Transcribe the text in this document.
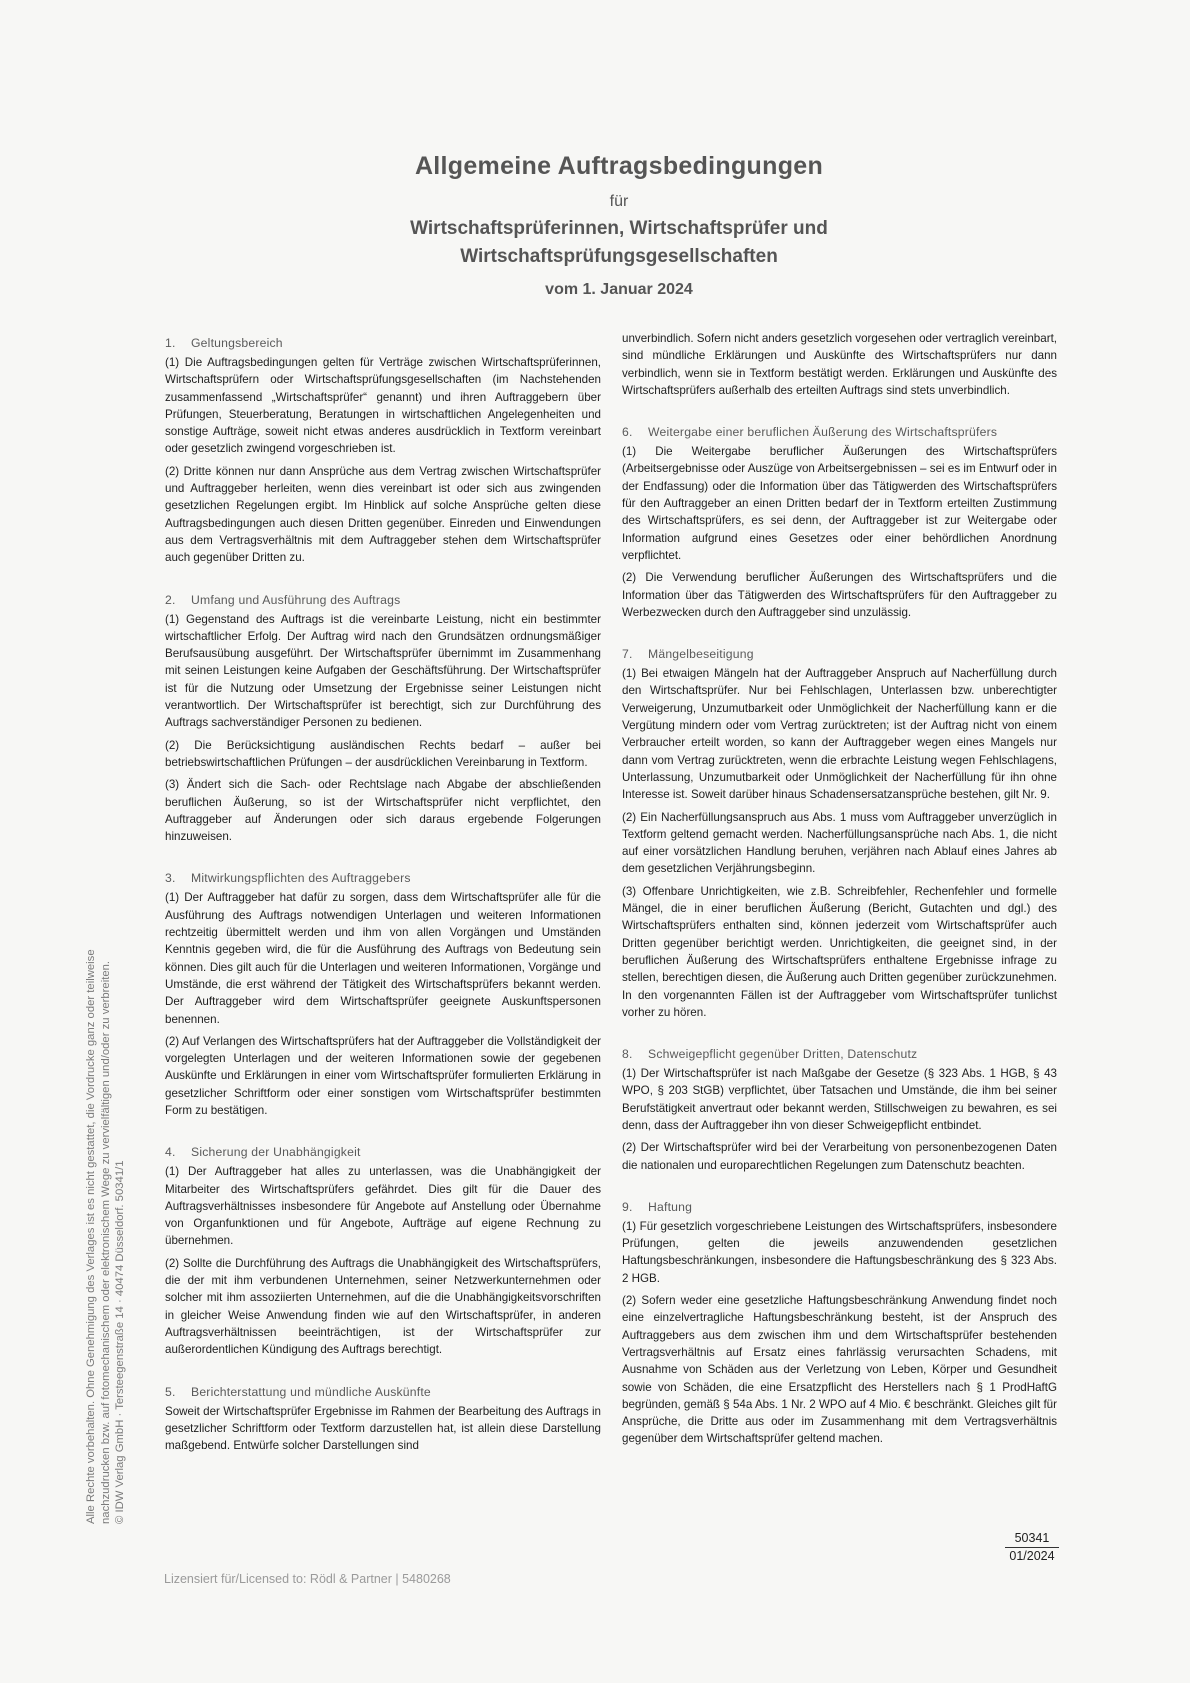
Allgemeine Auftragsbedingungen
für
Wirtschaftsprüferinnen, Wirtschaftsprüfer und
Wirtschaftsprüfungsgesellschaften
vom 1. Januar 2024
1. Geltungsbereich

(1) Die Auftragsbedingungen gelten für Verträge zwischen Wirtschaftsprüferinnen, Wirtschaftsprüfern oder Wirtschaftsprüfungsgesellschaften (im Nachstehenden zusammenfassend „Wirtschaftsprüfer“ genannt) und ihren Auftraggebern über Prüfungen, Steuerberatung, Beratungen in wirtschaftlichen Angelegenheiten und sonstige Aufträge, soweit nicht etwas anderes ausdrücklich in Textform vereinbart oder gesetzlich zwingend vorgeschrieben ist.

(2) Dritte können nur dann Ansprüche aus dem Vertrag zwischen Wirtschaftsprüfer und Auftraggeber herleiten, wenn dies vereinbart ist oder sich aus zwingenden gesetzlichen Regelungen ergibt. Im Hinblick auf solche Ansprüche gelten diese Auftragsbedingungen auch diesen Dritten gegenüber. Einreden und Einwendungen aus dem Vertragsverhältnis mit dem Auftraggeber stehen dem Wirtschaftsprüfer auch gegenüber Dritten zu.

2. Umfang und Ausführung des Auftrags

(1) Gegenstand des Auftrags ist die vereinbarte Leistung, nicht ein bestimmter wirtschaftlicher Erfolg. Der Auftrag wird nach den Grundsätzen ordnungsmäßiger Berufsausübung ausgeführt. Der Wirtschaftsprüfer übernimmt im Zusammenhang mit seinen Leistungen keine Aufgaben der Geschäftsführung. Der Wirtschaftsprüfer ist für die Nutzung oder Umsetzung der Ergebnisse seiner Leistungen nicht verantwortlich. Der Wirtschaftsprüfer ist berechtigt, sich zur Durchführung des Auftrags sachverständiger Personen zu bedienen.

(2) Die Berücksichtigung ausländischen Rechts bedarf – außer bei betriebswirtschaftlichen Prüfungen – der ausdrücklichen Vereinbarung in Textform.

(3) Ändert sich die Sach- oder Rechtslage nach Abgabe der abschließenden beruflichen Äußerung, so ist der Wirtschaftsprüfer nicht verpflichtet, den Auftraggeber auf Änderungen oder sich daraus ergebende Folgerungen hinzuweisen.

3. Mitwirkungspflichten des Auftraggebers

(1) Der Auftraggeber hat dafür zu sorgen, dass dem Wirtschaftsprüfer alle für die Ausführung des Auftrags notwendigen Unterlagen und weiteren Informationen rechtzeitig übermittelt werden und ihm von allen Vorgängen und Umständen Kenntnis gegeben wird, die für die Ausführung des Auftrags von Bedeutung sein können. Dies gilt auch für die Unterlagen und weiteren Informationen, Vorgänge und Umstände, die erst während der Tätigkeit des Wirtschaftsprüfers bekannt werden. Der Auftraggeber wird dem Wirtschaftsprüfer geeignete Auskunftspersonen benennen.

(2) Auf Verlangen des Wirtschaftsprüfers hat der Auftraggeber die Vollständigkeit der vorgelegten Unterlagen und der weiteren Informationen sowie der gegebenen Auskünfte und Erklärungen in einer vom Wirtschaftsprüfer formulierten Erklärung in gesetzlicher Schriftform oder einer sonstigen vom Wirtschaftsprüfer bestimmten Form zu bestätigen.

4. Sicherung der Unabhängigkeit

(1) Der Auftraggeber hat alles zu unterlassen, was die Unabhängigkeit der Mitarbeiter des Wirtschaftsprüfers gefährdet. Dies gilt für die Dauer des Auftragsverhältnisses insbesondere für Angebote auf Anstellung oder Übernahme von Organfunktionen und für Angebote, Aufträge auf eigene Rechnung zu übernehmen.

(2) Sollte die Durchführung des Auftrags die Unabhängigkeit des Wirtschaftsprüfers, die der mit ihm verbundenen Unternehmen, seiner Netzwerkunternehmen oder solcher mit ihm assoziierten Unternehmen, auf die die Unabhängigkeitsvorschriften in gleicher Weise Anwendung finden wie auf den Wirtschaftsprüfer, in anderen Auftragsverhältnissen beeinträchtigen, ist der Wirtschaftsprüfer zur außerordentlichen Kündigung des Auftrags berechtigt.

5. Berichterstattung und mündliche Auskünfte

Soweit der Wirtschaftsprüfer Ergebnisse im Rahmen der Bearbeitung des Auftrags in gesetzlicher Schriftform oder Textform darzustellen hat, ist allein diese Darstellung maßgebend. Entwürfe solcher Darstellungen sind

unverbindlich. Sofern nicht anders gesetzlich vorgesehen oder vertraglich vereinbart, sind mündliche Erklärungen und Auskünfte des Wirtschaftsprüfers nur dann verbindlich, wenn sie in Textform bestätigt werden. Erklärungen und Auskünfte des Wirtschaftsprüfers außerhalb des erteilten Auftrags sind stets unverbindlich.

6. Weitergabe einer beruflichen Äußerung des Wirtschaftsprüfers

(1) Die Weitergabe beruflicher Äußerungen des Wirtschaftsprüfers (Arbeitsergebnisse oder Auszüge von Arbeitsergebnissen – sei es im Entwurf oder in der Endfassung) oder die Information über das Tätigwerden des Wirtschaftsprüfers für den Auftraggeber an einen Dritten bedarf der in Textform erteilten Zustimmung des Wirtschaftsprüfers, es sei denn, der Auftraggeber ist zur Weitergabe oder Information aufgrund eines Gesetzes oder einer behördlichen Anordnung verpflichtet.

(2) Die Verwendung beruflicher Äußerungen des Wirtschaftsprüfers und die Information über das Tätigwerden des Wirtschaftsprüfers für den Auftraggeber zu Werbezwecken durch den Auftraggeber sind unzulässig.

7. Mängelbeseitigung

(1) Bei etwaigen Mängeln hat der Auftraggeber Anspruch auf Nacherfüllung durch den Wirtschaftsprüfer. Nur bei Fehlschlagen, Unterlassen bzw. unberechtigter Verweigerung, Unzumutbarkeit oder Unmöglichkeit der Nacherfüllung kann er die Vergütung mindern oder vom Vertrag zurücktreten; ist der Auftrag nicht von einem Verbraucher erteilt worden, so kann der Auftraggeber wegen eines Mangels nur dann vom Vertrag zurücktreten, wenn die erbrachte Leistung wegen Fehlschlagens, Unterlassung, Unzumutbarkeit oder Unmöglichkeit der Nacherfüllung für ihn ohne Interesse ist. Soweit darüber hinaus Schadensersatzansprüche bestehen, gilt Nr. 9.

(2) Ein Nacherfüllungsanspruch aus Abs. 1 muss vom Auftraggeber unverzüglich in Textform geltend gemacht werden. Nacherfüllungsansprüche nach Abs. 1, die nicht auf einer vorsätzlichen Handlung beruhen, verjähren nach Ablauf eines Jahres ab dem gesetzlichen Verjährungsbeginn.

(3) Offenbare Unrichtigkeiten, wie z.B. Schreibfehler, Rechenfehler und formelle Mängel, die in einer beruflichen Äußerung (Bericht, Gutachten und dgl.) des Wirtschaftsprüfers enthalten sind, können jederzeit vom Wirtschaftsprüfer auch Dritten gegenüber berichtigt werden. Unrichtigkeiten, die geeignet sind, in der beruflichen Äußerung des Wirtschaftsprüfers enthaltene Ergebnisse infrage zu stellen, berechtigen diesen, die Äußerung auch Dritten gegenüber zurückzunehmen. In den vorgenannten Fällen ist der Auftraggeber vom Wirtschaftsprüfer tunlichst vorher zu hören.

8. Schweigepflicht gegenüber Dritten, Datenschutz

(1) Der Wirtschaftsprüfer ist nach Maßgabe der Gesetze (§ 323 Abs. 1 HGB, § 43 WPO, § 203 StGB) verpflichtet, über Tatsachen und Umstände, die ihm bei seiner Berufstätigkeit anvertraut oder bekannt werden, Stillschweigen zu bewahren, es sei denn, dass der Auftraggeber ihn von dieser Schweigepflicht entbindet.

(2) Der Wirtschaftsprüfer wird bei der Verarbeitung von personenbezogenen Daten die nationalen und europarechtlichen Regelungen zum Datenschutz beachten.

9. Haftung

(1) Für gesetzlich vorgeschriebene Leistungen des Wirtschaftsprüfers, insbesondere Prüfungen, gelten die jeweils anzuwendenden gesetzlichen Haftungsbeschränkungen, insbesondere die Haftungsbeschränkung des § 323 Abs. 2 HGB.

(2) Sofern weder eine gesetzliche Haftungsbeschränkung Anwendung findet noch eine einzelvertragliche Haftungsbeschränkung besteht, ist der Anspruch des Auftraggebers aus dem zwischen ihm und dem Wirtschaftsprüfer bestehenden Vertragsverhältnis auf Ersatz eines fahrlässig verursachten Schadens, mit Ausnahme von Schäden aus der Verletzung von Leben, Körper und Gesundheit sowie von Schäden, die eine Ersatzpflicht des Herstellers nach § 1 ProdHaftG begründen, gemäß § 54a Abs. 1 Nr. 2 WPO auf 4 Mio. € beschränkt. Gleiches gilt für Ansprüche, die Dritte aus oder im Zusammenhang mit dem Vertragsverhältnis gegenüber dem Wirtschaftsprüfer geltend machen.

Alle Rechte vorbehalten. Ohne Genehmigung des Verlages ist es nicht gestattet, die Vordrucke ganz oder teilweise nachzudrucken bzw. auf fotomechanischem oder elektronischem Wege zu vervielfältigen und/oder zu verbreiten. © IDW Verlag GmbH · Tersteegenstraße 14 · 40474 Düsseldorf. 50341/1
Lizensiert für/Licensed to: Rödl & Partner | 5480268
50341
01/2024
